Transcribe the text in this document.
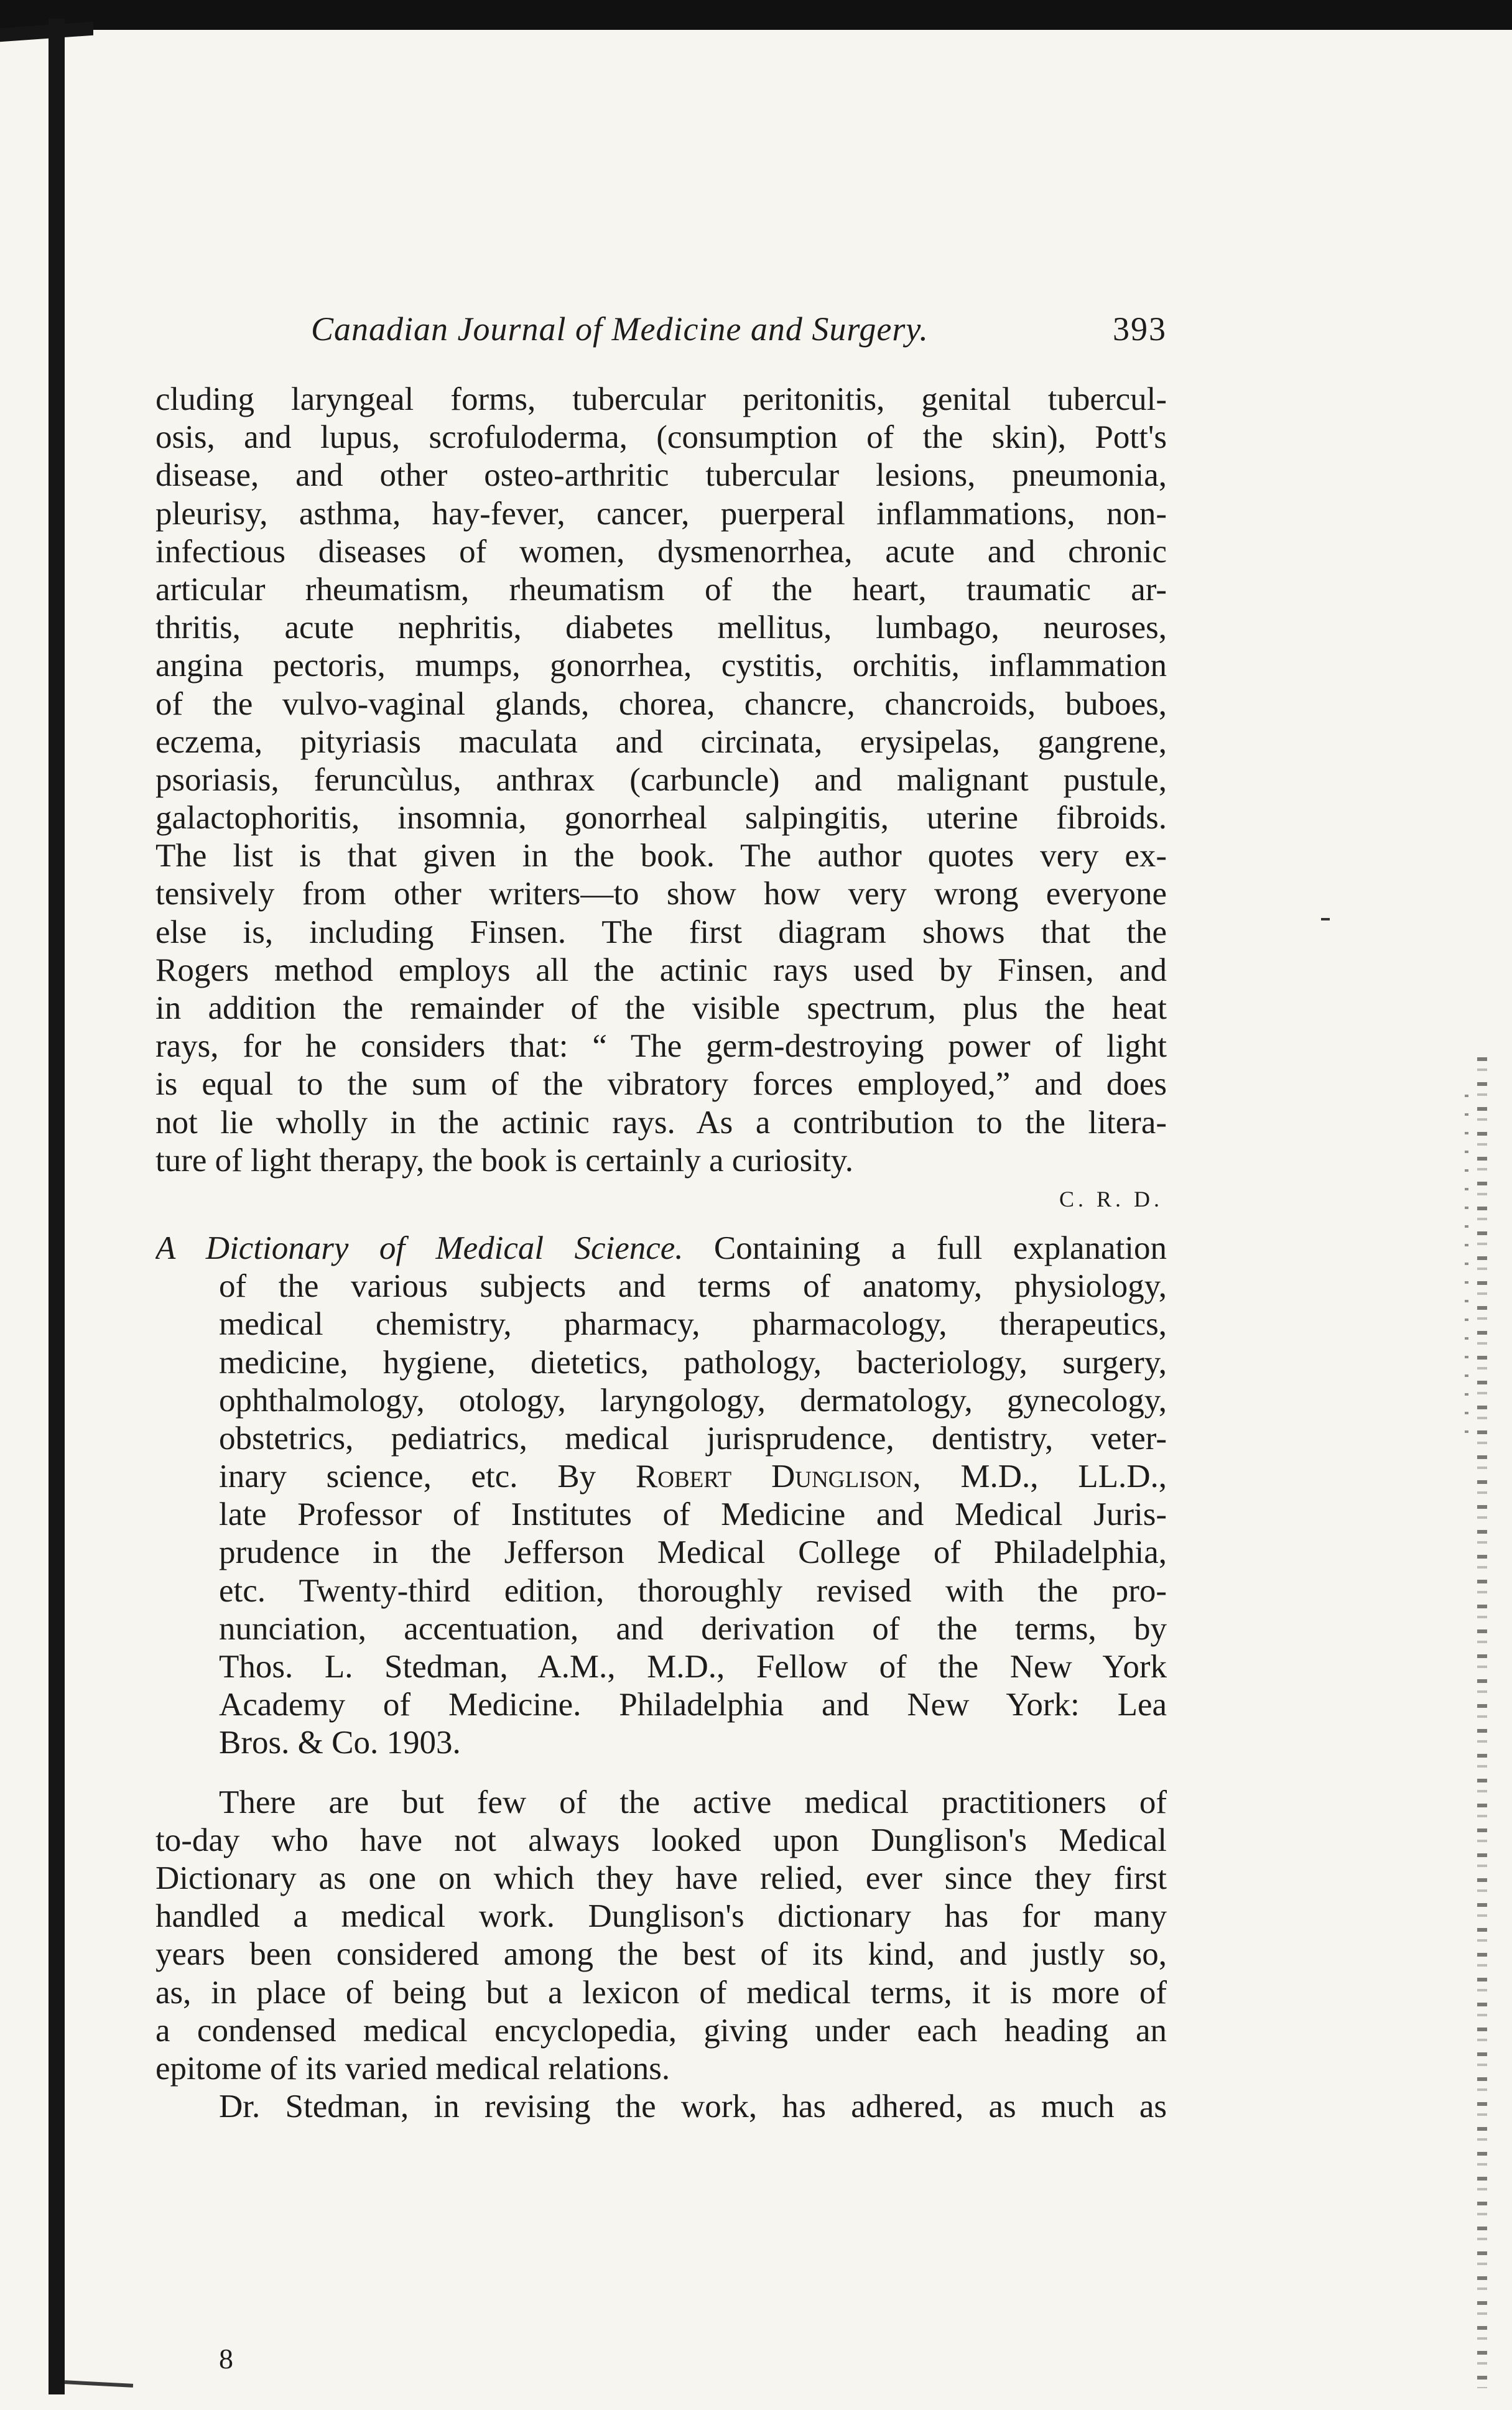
Canadian Journal of Medicine and Surgery.	393
cluding laryngeal forms, tubercular peritonitis, genital tubercul-
osis, and lupus, scrofuloderma, (consumption of the skin), Pott's
disease, and other osteo-arthritic tubercular lesions, pneumonia,
pleurisy, asthma, hay-fever, cancer, puerperal inflammations, non-
infectious diseases of women, dysmenorrhea, acute and chronic
articular rheumatism, rheumatism of the heart, traumatic ar-
thritis, acute nephritis, diabetes mellitus, lumbago, neuroses,
angina pectoris, mumps, gonorrhea, cystitis, orchitis, inflammation
of the vulvo-vaginal glands, chorea, chancre, chancroids, buboes,
eczema, pityriasis maculata and circinata, erysipelas, gangrene,
psoriasis, feruncùlus, anthrax (carbuncle) and malignant pustule,
galactophoritis, insomnia, gonorrheal salpingitis, uterine fibroids.
The list is that given in the book. The author quotes very ex-
tensively from other writers—to show how very wrong everyone
else is, including Finsen. The first diagram shows that the
Rogers method employs all the actinic rays used by Finsen, and
in addition the remainder of the visible spectrum, plus the heat
rays, for he considers that: “ The germ-destroying power of light
is equal to the sum of the vibratory forces employed,” and does
not lie wholly in the actinic rays. As a contribution to the litera-
ture of light therapy, the book is certainly a curiosity.
C. R. D.
A Dictionary of Medical Science. Containing a full explanation
of the various subjects and terms of anatomy, physiology,
medical chemistry, pharmacy, pharmacology, therapeutics,
medicine, hygiene, dietetics, pathology, bacteriology, surgery,
ophthalmology, otology, laryngology, dermatology, gynecology,
obstetrics, pediatrics, medical jurisprudence, dentistry, veter-
inary science, etc. By Robert Dunglison, M.D., LL.D.,
late Professor of Institutes of Medicine and Medical Juris-
prudence in the Jefferson Medical College of Philadelphia,
etc. Twenty-third edition, thoroughly revised with the pro-
nunciation, accentuation, and derivation of the terms, by
Thos. L. Stedman, A.M., M.D., Fellow of the New York
Academy of Medicine. Philadelphia and New York: Lea
Bros. & Co. 1903.
There are but few of the active medical practitioners of
to-day who have not always looked upon Dunglison's Medical
Dictionary as one on which they have relied, ever since they first
handled a medical work. Dunglison's dictionary has for many
years been considered among the best of its kind, and justly so,
as, in place of being but a lexicon of medical terms, it is more of
a condensed medical encyclopedia, giving under each heading an
epitome of its varied medical relations.
Dr. Stedman, in revising the work, has adhered, as much as
8
